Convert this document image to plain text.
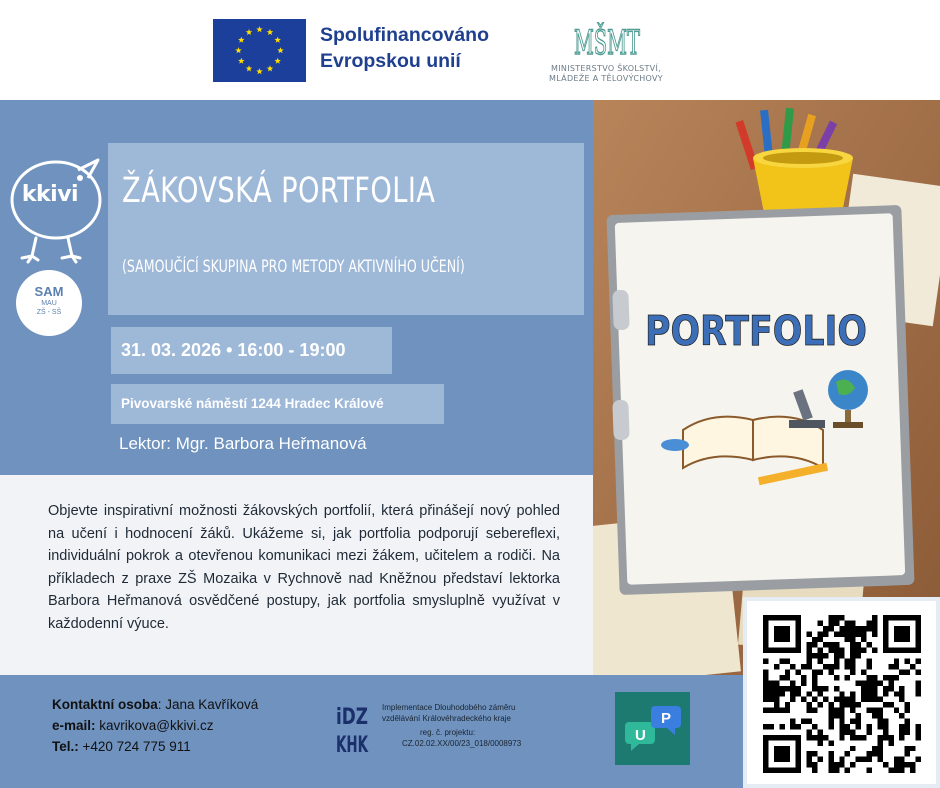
Spolufinancováno
Evropskou unií	MŠMT
MINISTERSTVO ŠKOLSTVÍ,
MLÁDEŽE A TĚLOVÝCHOVY
kkivi
SAM
MAU
ZŠ - SŠ
ŽÁKOVSKÁ PORTFOLIA
(SAMOUČÍCÍ SKUPINA PRO METODY AKTIVNÍHO UČENÍ)
31. 03. 2026 • 16:00 - 19:00
Pivovarské náměstí 1244 Hradec Králové
Lektor: Mgr. Barbora Heřmanová
PORTFOLIO

Objevte inspirativní možnosti žákovských portfolií, která přinášejí nový pohled na učení i hodnocení žáků. Ukážeme si, jak portfolia podporují sebereflexi, individuální pokrok a otevřenou komunikaci mezi žákem, učitelem a rodiči. Na příkladech z praxe ZŠ Mozaika v Rychnově nad Kněžnou představí lektorka Barbora Heřmanová osvědčené postupy, jak portfolia smysluplně využívat v každodenní výuce.

Kontaktní osoba: Jana Kavříková
e-mail: kavrikova@kkivi.cz
Tel.: +420 724 775 911
iDZ
KHK
Implementace Dlouhodobého záměru
vzdělávání Královéhradeckého kraje
reg. č. projektu:
CZ.02.02.XX/00/23_018/0008973	U
P
